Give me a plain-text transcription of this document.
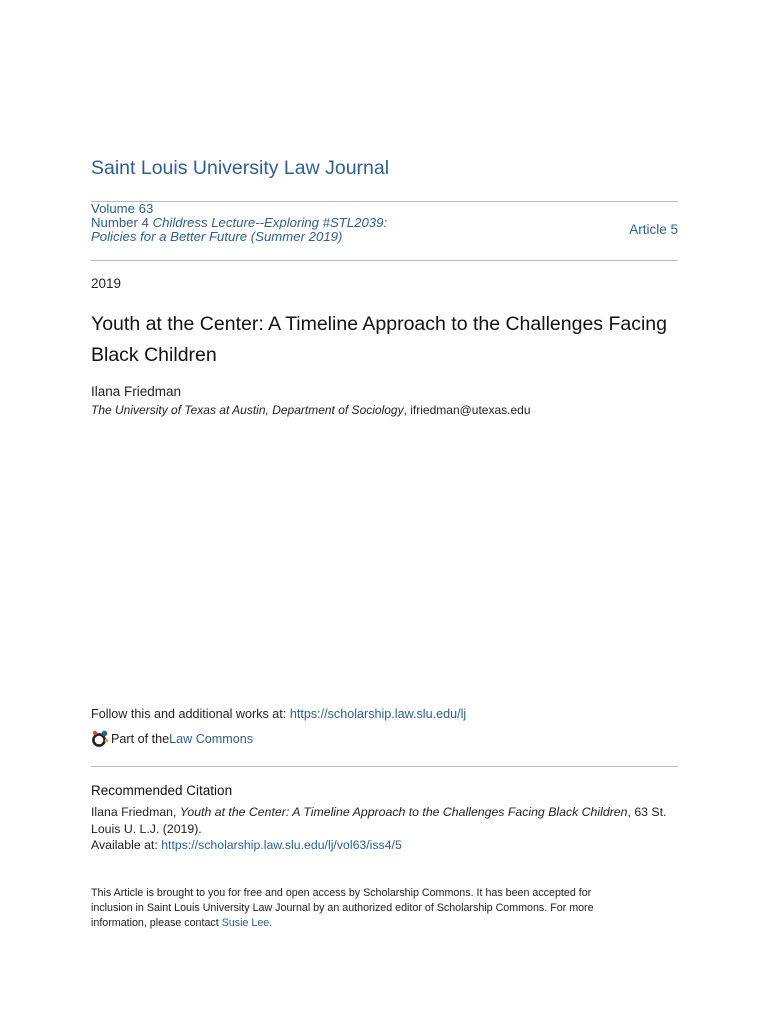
Saint Louis University Law Journal
Volume 63
Number 4 Childress Lecture--Exploring #STL2039: Policies for a Better Future (Summer 2019)	Article 5
2019
Youth at the Center: A Timeline Approach to the Challenges Facing Black Children
Ilana Friedman
The University of Texas at Austin, Department of Sociology, ifriedman@utexas.edu
Follow this and additional works at: https://scholarship.law.slu.edu/lj
Part of the Law Commons
Recommended Citation
Ilana Friedman, Youth at the Center: A Timeline Approach to the Challenges Facing Black Children, 63 St. Louis U. L.J. (2019).
Available at: https://scholarship.law.slu.edu/lj/vol63/iss4/5
This Article is brought to you for free and open access by Scholarship Commons. It has been accepted for inclusion in Saint Louis University Law Journal by an authorized editor of Scholarship Commons. For more information, please contact Susie Lee.
